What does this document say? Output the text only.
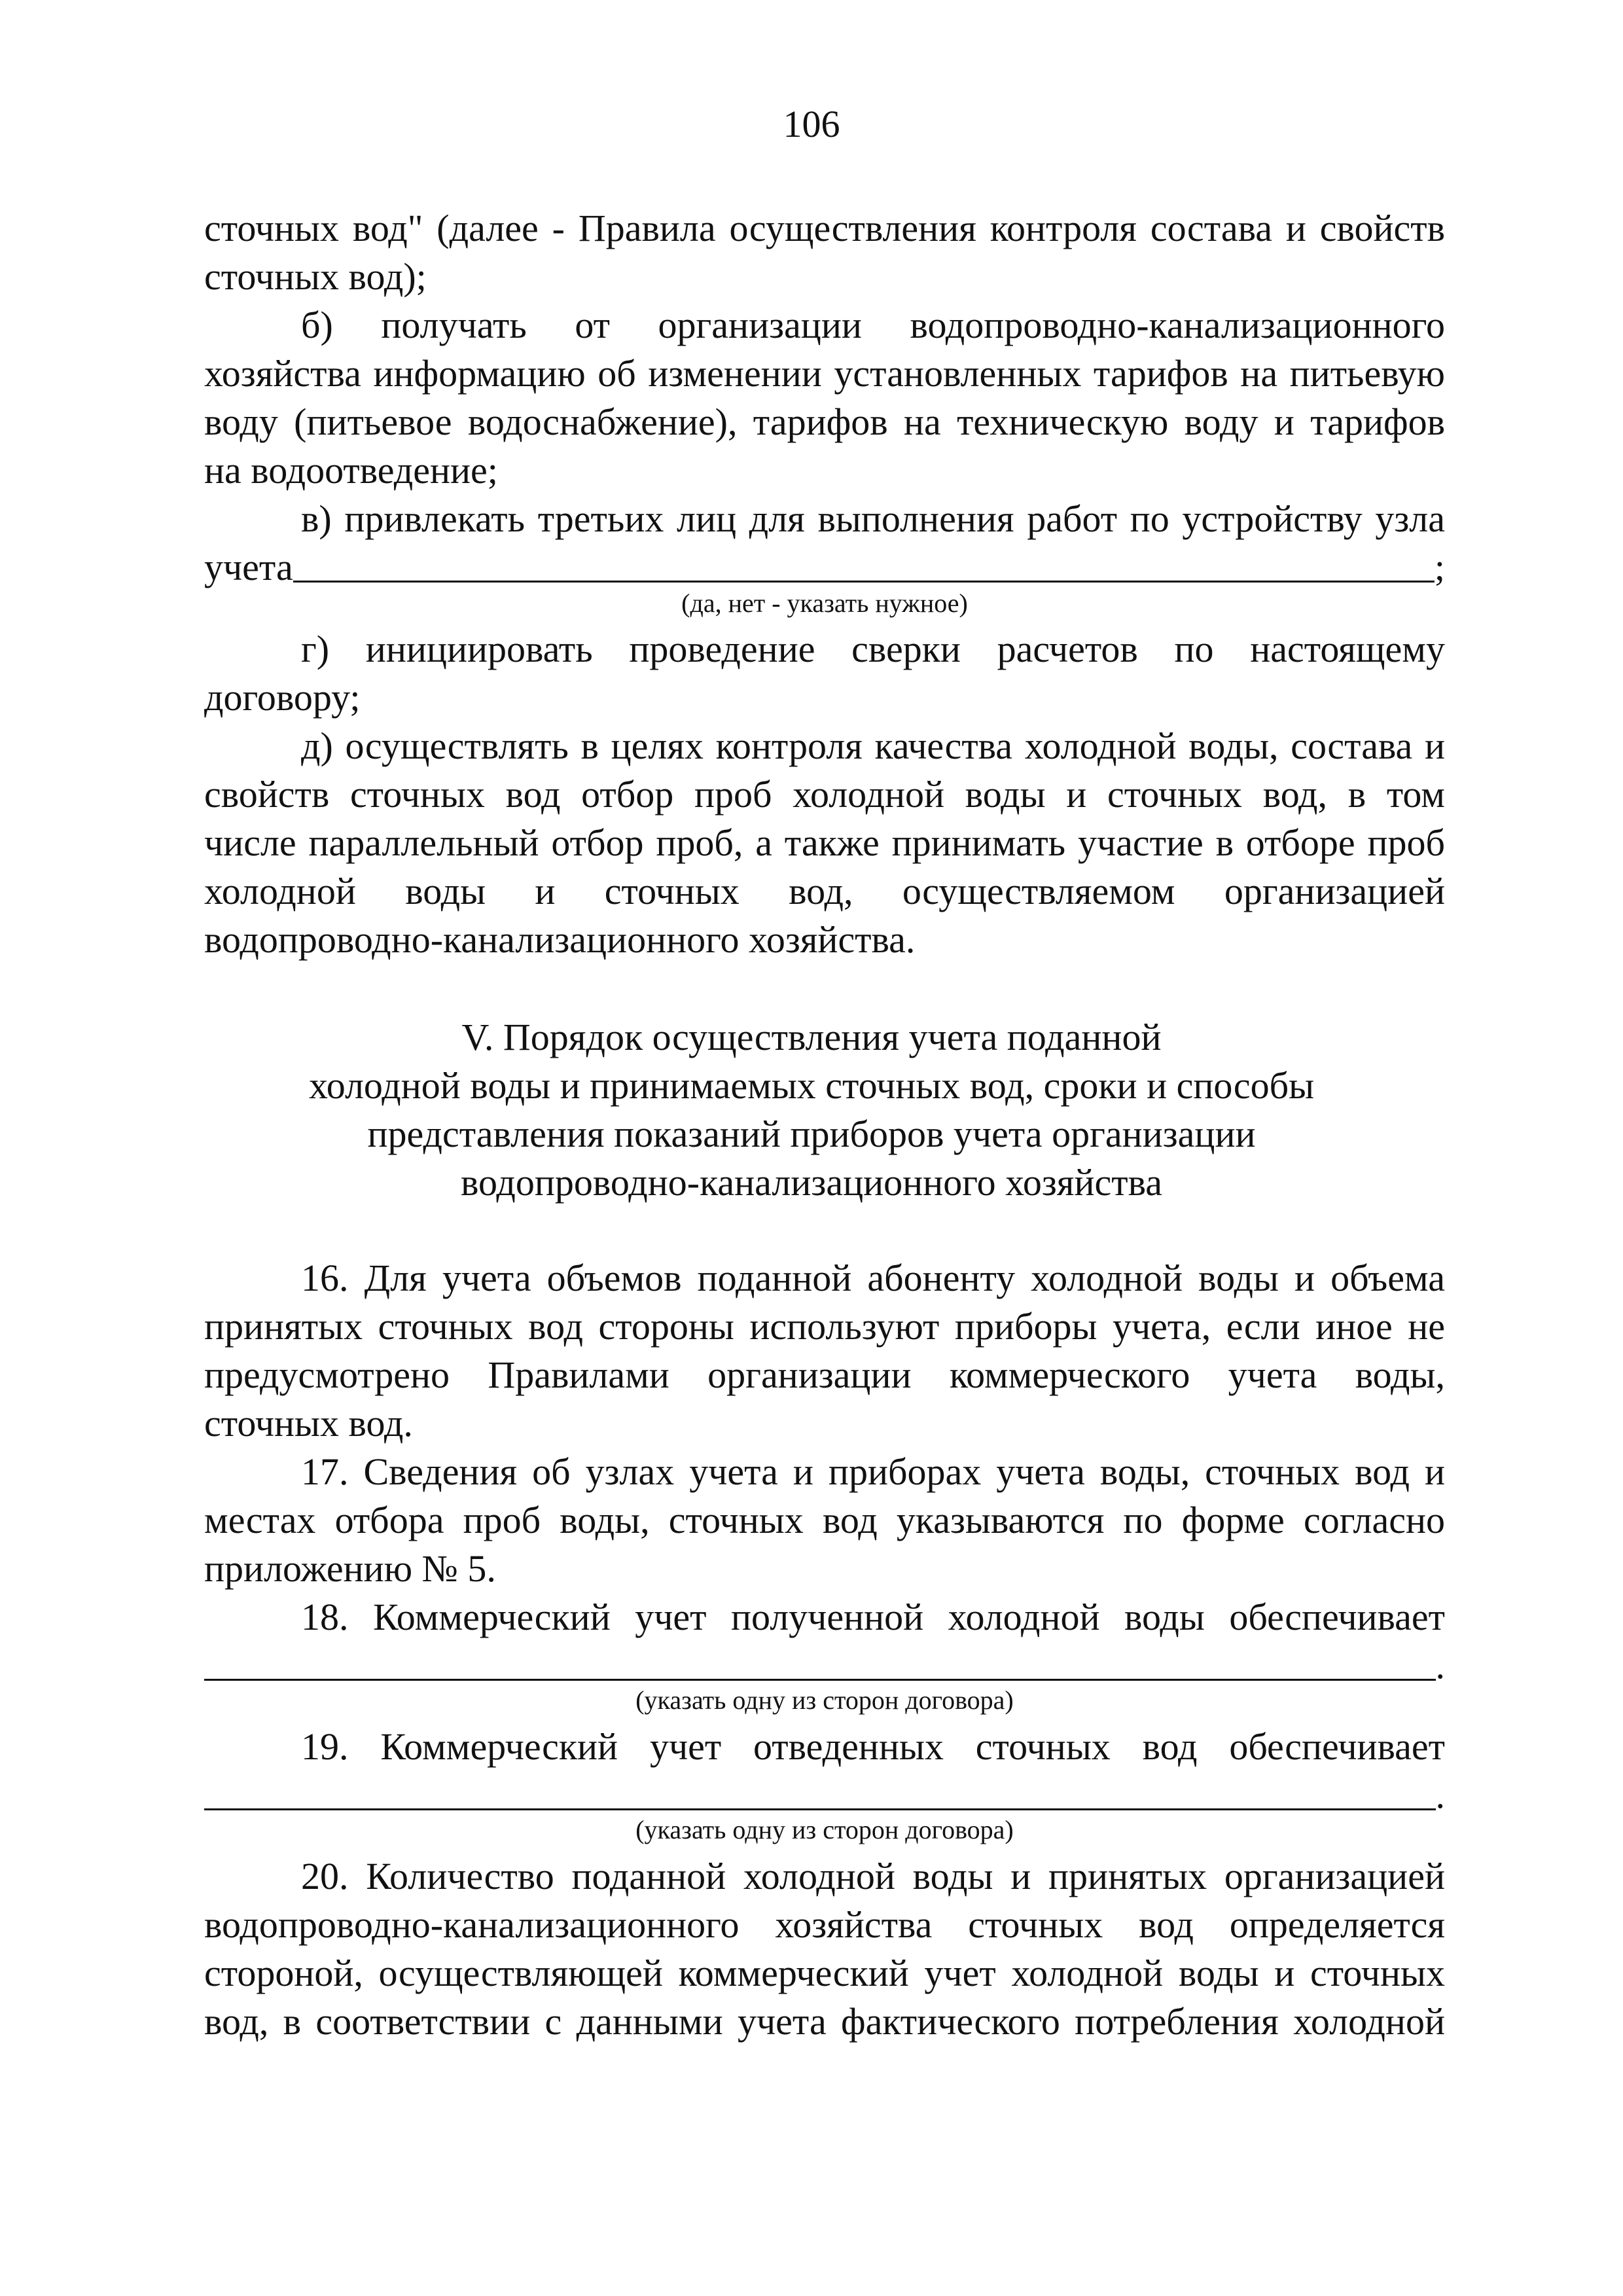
106
сточных вод" (далее - Правила осуществления контроля состава и свойств
сточных вод);
б) получать от организации водопроводно-канализационного
хозяйства информацию об изменении установленных тарифов на питьевую
воду (питьевое водоснабжение), тарифов на техническую воду и тарифов
на водоотведение;
в) привлекать третьих лиц для выполнения работ по устройству узла
учета	;
(да, нет - указать нужное)
г) инициировать проведение сверки расчетов по настоящему
договору;
д) осуществлять в целях контроля качества холодной воды, состава и
свойств сточных вод отбор проб холодной воды и сточных вод, в том
числе параллельный отбор проб, а также принимать участие в отборе проб
холодной воды и сточных вод, осуществляемом организацией
водопроводно-канализационного хозяйства.
V. Порядок осуществления учета поданной
холодной воды и принимаемых сточных вод, сроки и способы
представления показаний приборов учета организации
водопроводно-канализационного хозяйства
16. Для учета объемов поданной абоненту холодной воды и объема
принятых сточных вод стороны используют приборы учета, если иное не
предусмотрено Правилами организации коммерческого учета воды,
сточных вод.
17. Сведения об узлах учета и приборах учета воды, сточных вод и
местах отбора проб воды, сточных вод указываются по форме согласно
приложению № 5.
18. Коммерческий учет полученной холодной воды обеспечивает
.
(указать одну из сторон договора)
19. Коммерческий учет отведенных сточных вод обеспечивает
.
(указать одну из сторон договора)
20. Количество поданной холодной воды и принятых организацией
водопроводно-канализационного хозяйства сточных вод определяется
стороной, осуществляющей коммерческий учет холодной воды и сточных
вод, в соответствии с данными учета фактического потребления холодной
